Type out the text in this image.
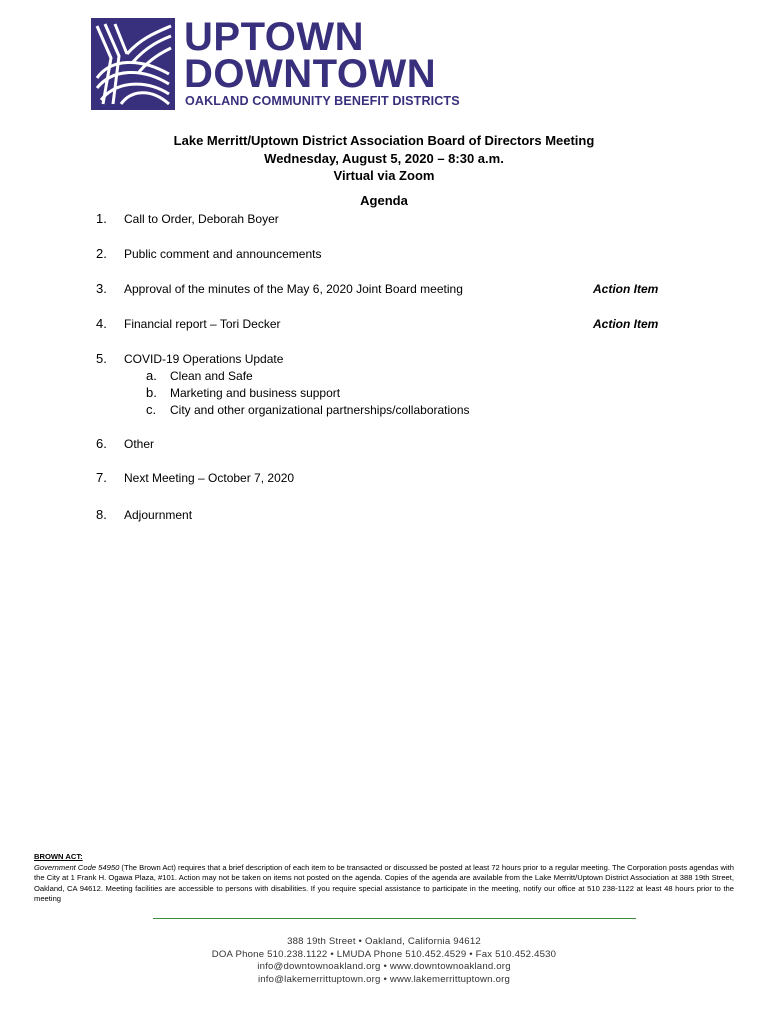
UPTOWN
DOWNTOWN
OAKLAND COMMUNITY BENEFIT DISTRICTS
Lake Merritt/Uptown District Association Board of Directors Meeting
Wednesday, August 5, 2020 – 8:30 a.m.
Virtual via Zoom
Agenda
1. Call to Order, Deborah Boyer
2. Public comment and announcements
3. Approval of the minutes of the May 6, 2020 Joint Board meeting	Action Item
4. Financial report – Tori Decker	Action Item
5. COVID-19 Operations Update
a. Clean and Safe
b. Marketing and business support
c. City and other organizational partnerships/collaborations
6. Other
7. Next Meeting – October 7, 2020
8. Adjournment
BROWN ACT:
Government Code 54950 (The Brown Act) requires that a brief description of each item to be transacted or discussed be posted at least 72 hours prior to a regular meeting. The Corporation posts agendas with the City at 1 Frank H. Ogawa Plaza, #101. Action may not be taken on items not posted on the agenda. Copies of the agenda are available from the Lake Merritt/Uptown District Association at 388 19th Street, Oakland, CA 94612. Meeting facilities are accessible to persons with disabilities. If you require special assistance to participate in the meeting, notify our office at 510 238-1122 at least 48 hours prior to the meeting
388 19th Street • Oakland, California 94612
DOA Phone 510.238.1122 • LMUDA Phone 510.452.4529 • Fax 510.452.4530
info@downtownoakland.org • www.downtownoakland.org
info@lakemerrittuptown.org • www.lakemerrittuptown.org
